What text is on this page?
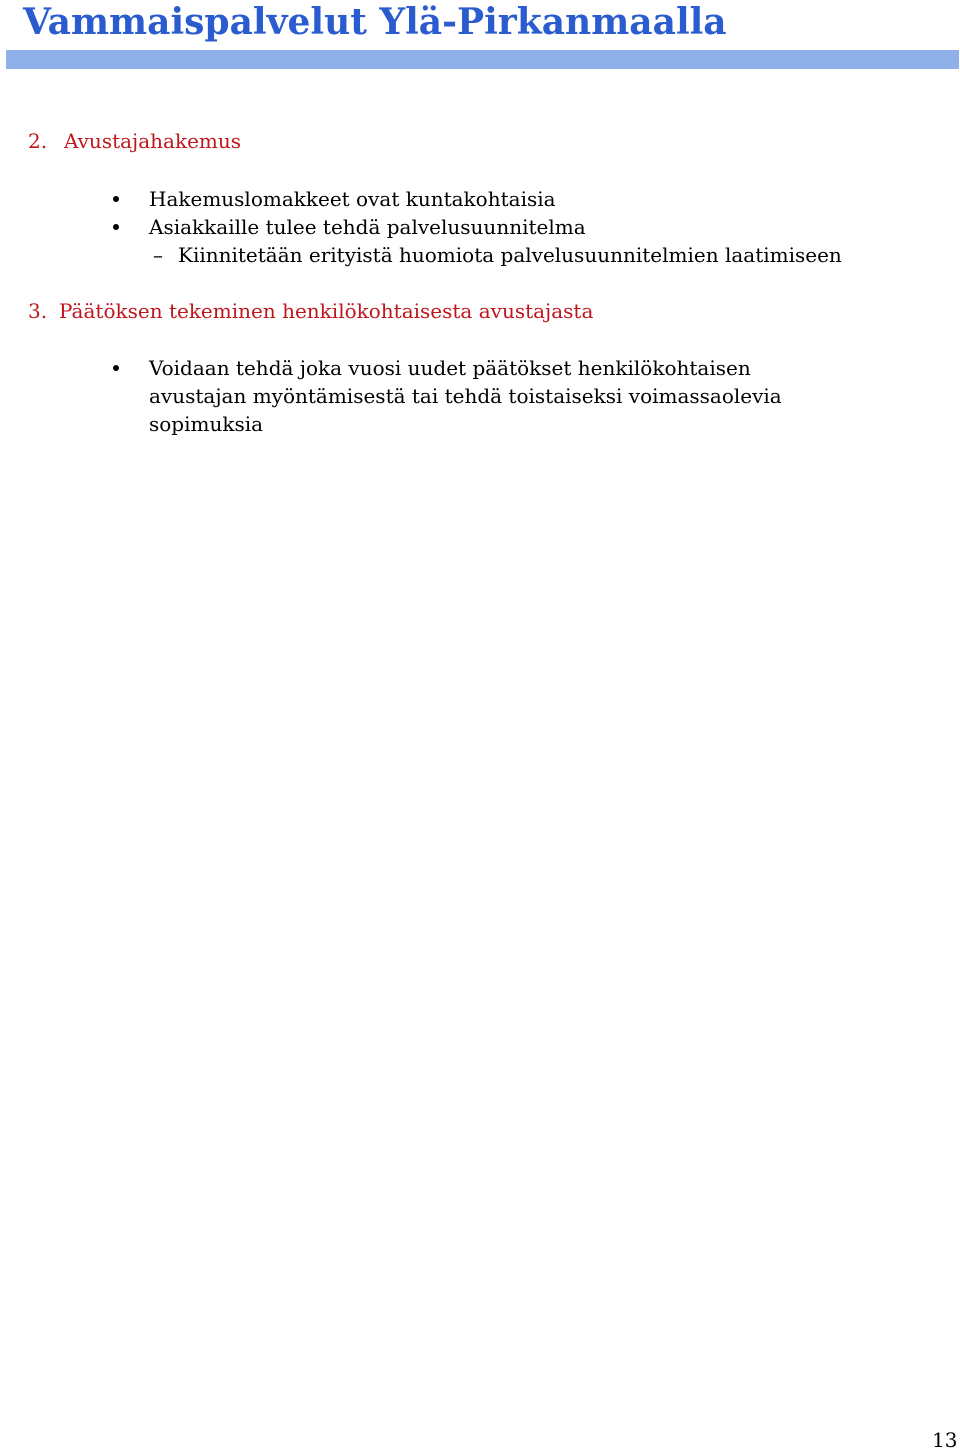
Vammaispalvelut Ylä-Pirkanmaalla
2. Avustajahakemus
Hakemuslomakkeet ovat kuntakohtaisia
Asiakkaille tulee tehdä palvelusuunnitelma
– Kiinnitetään erityistä huomiota palvelusuunnitelmien laatimiseen
3. Päätöksen tekeminen henkilökohtaisesta avustajasta
Voidaan tehdä joka vuosi uudet päätökset henkilökohtaisen
avustajan myöntämisestä tai tehdä toistaiseksi voimassaolevia
sopimuksia
13
